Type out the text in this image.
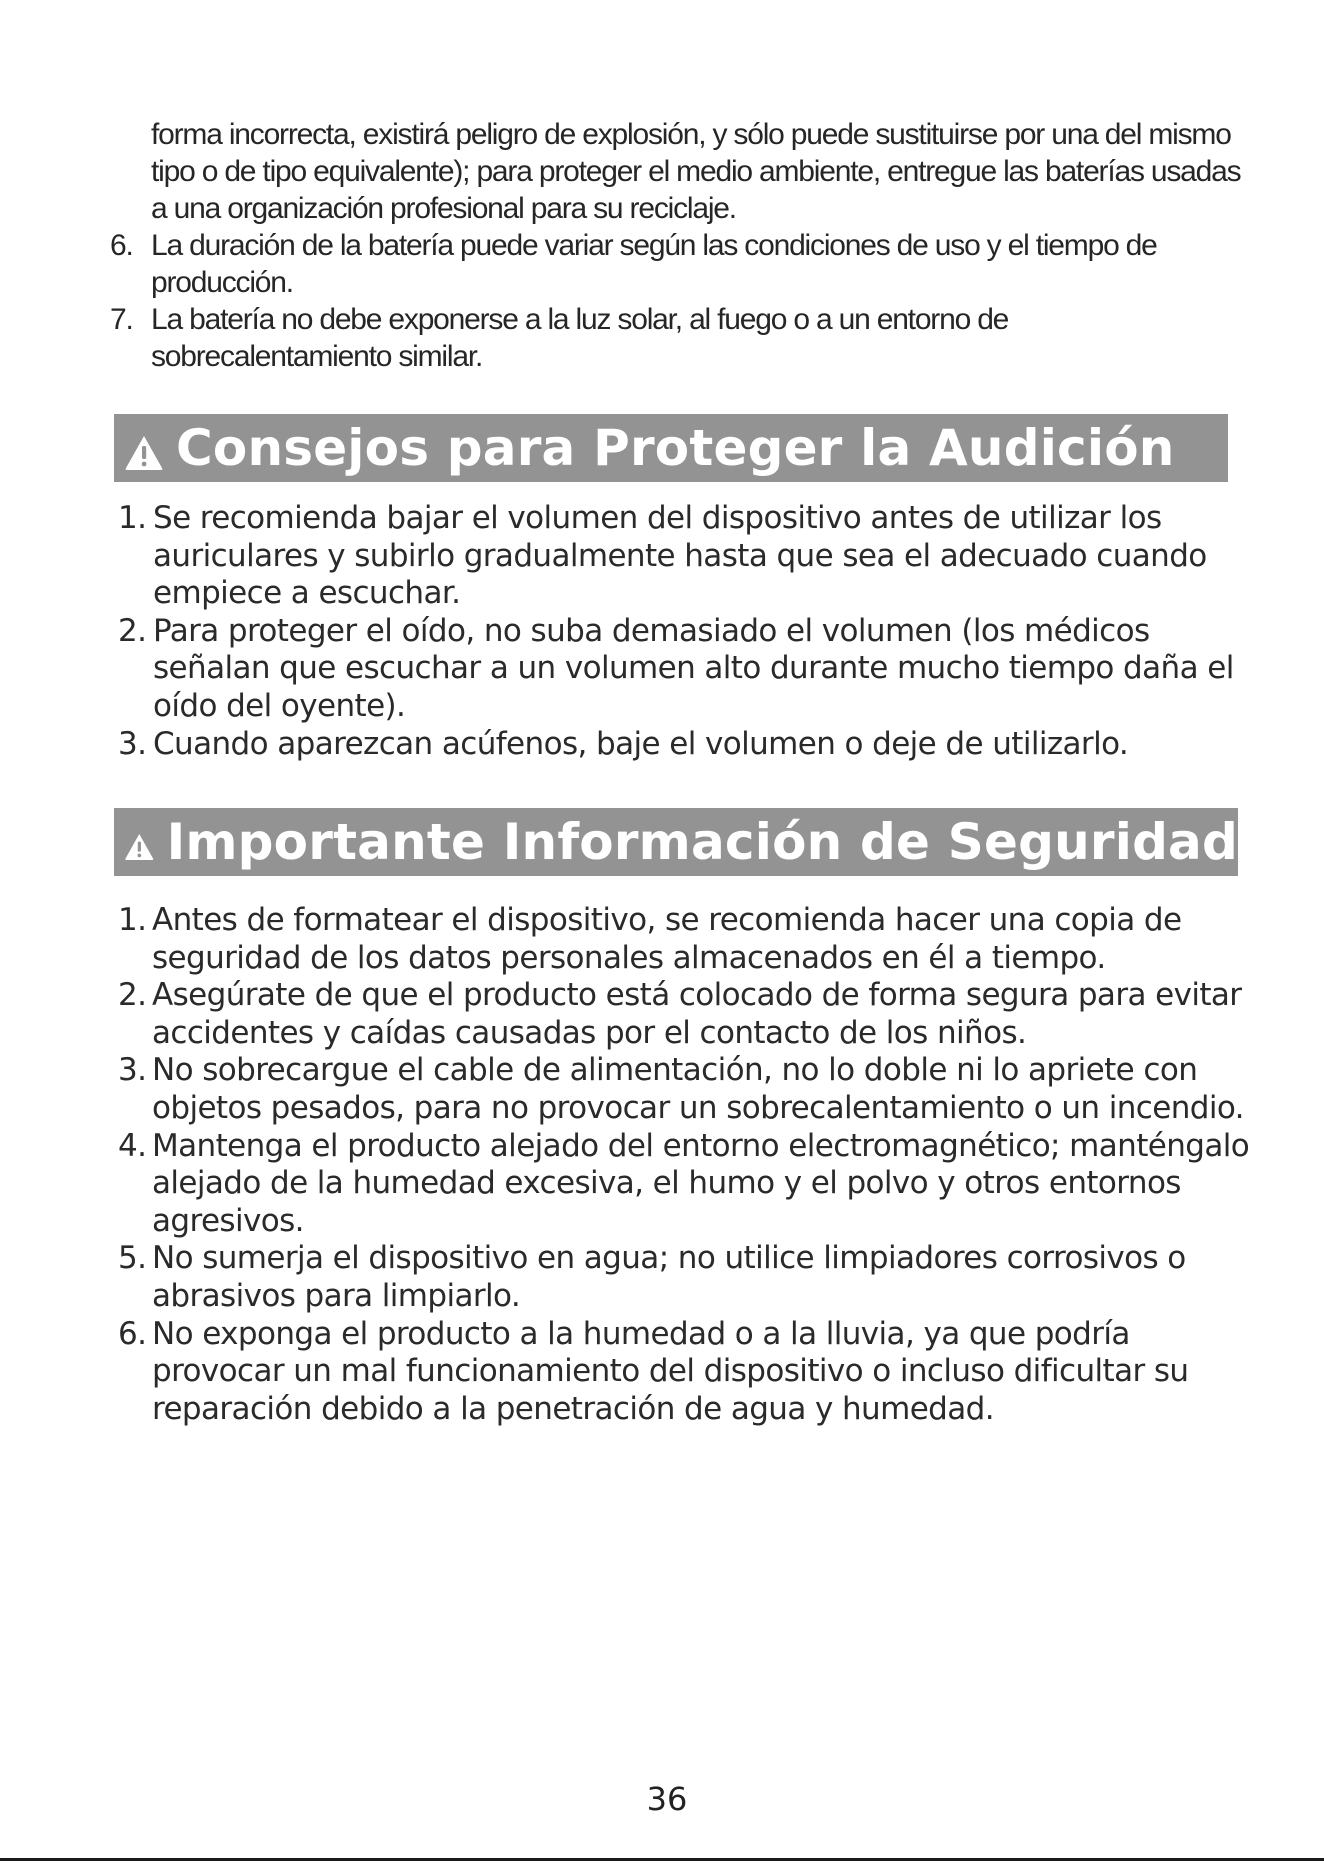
forma incorrecta, existirá peligro de explosión, y sólo puede sustituirse por una del mismo tipo o de tipo equivalente); para proteger el medio ambiente, entregue las baterías usadas a una organización profesional para su reciclaje.

6. La duración de la batería puede variar según las condiciones de uso y el tiempo de producción.
7. La batería no debe exponerse a la luz solar, al fuego o a un entorno de sobrecalentamiento similar.
Consejos para Proteger la Audición
1. Se recomienda bajar el volumen del dispositivo antes de utilizar los auriculares y subirlo gradualmente hasta que sea el adecuado cuando empiece a escuchar.
2. Para proteger el oído, no suba demasiado el volumen (los médicos señalan que escuchar a un volumen alto durante mucho tiempo daña el oído del oyente).
3. Cuando aparezcan acúfenos, baje el volumen o deje de utilizarlo.
Importante Información de Seguridad
1. Antes de formatear el dispositivo, se recomienda hacer una copia de seguridad de los datos personales almacenados en él a tiempo.
2. Asegúrate de que el producto está colocado de forma segura para evitar accidentes y caídas causadas por el contacto de los niños.
3. No sobrecargue el cable de alimentación, no lo doble ni lo apriete con objetos pesados, para no provocar un sobrecalentamiento o un incendio.
4. Mantenga el producto alejado del entorno electromagnético; manténgalo alejado de la humedad excesiva, el humo y el polvo y otros entornos agresivos.
5. No sumerja el dispositivo en agua; no utilice limpiadores corrosivos o abrasivos para limpiarlo.
6. No exponga el producto a la humedad o a la lluvia, ya que podría provocar un mal funcionamiento del dispositivo o incluso dificultar su reparación debido a la penetración de agua y humedad.
36
